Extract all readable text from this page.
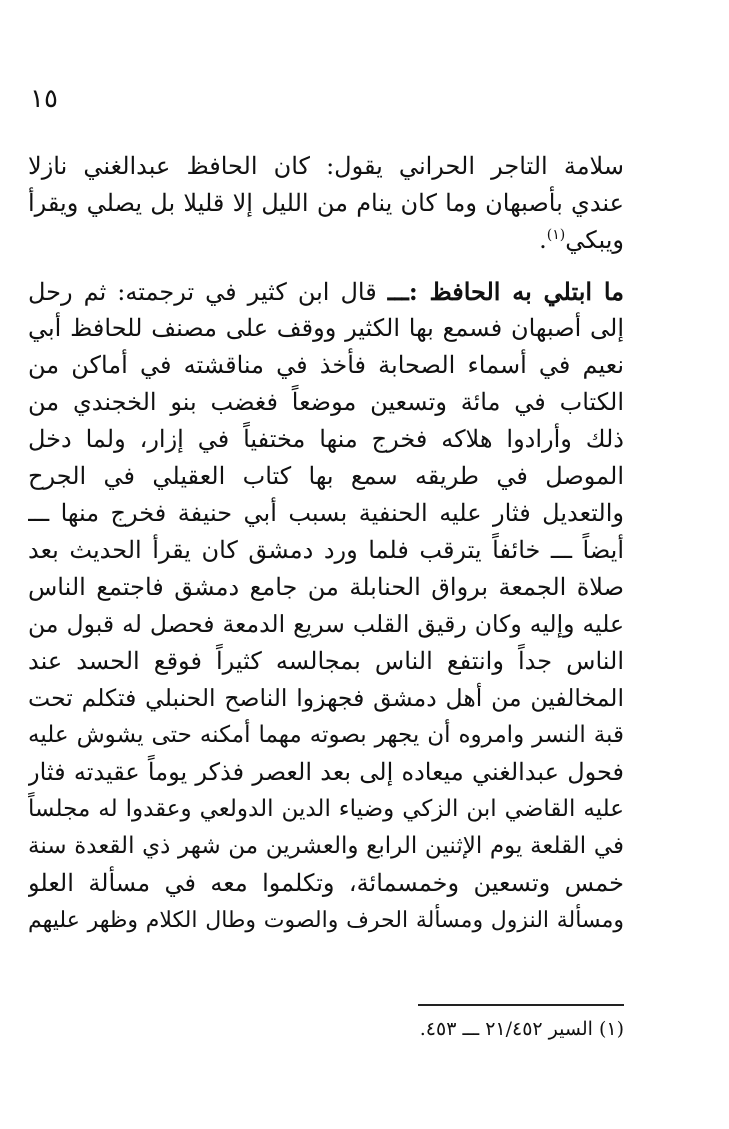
١٥
سلامة التاجر الحراني يقول: كان الحافظ عبدالغني نازلا
عندي بأصبهان وما كان ينام من الليل إلا قليلا بل يصلي ويقرأ
ويبكي$^{(١)}$.
ما ابتلي به الحافظ :ـــ قال ابن كثير في ترجمته: ثم رحل
إلى أصبهان فسمع بها الكثير ووقف على مصنف للحافظ أبي
نعيم في أسماء الصحابة فأخذ في مناقشته في أماكن من
الكتاب في مائة وتسعين موضعاً فغضب بنو الخجندي من
ذلك وأرادوا هلاكه فخرج منها مختفياً في إزار، ولما دخل
الموصل في طريقه سمع بها كتاب العقيلي في الجرح
والتعديل فثار عليه الحنفية بسبب أبي حنيفة فخرج منها ـــ
أيضاً ـــ خائفاً يترقب فلما ورد دمشق كان يقرأ الحديث بعد
صلاة الجمعة برواق الحنابلة من جامع دمشق فاجتمع الناس
عليه وإليه وكان رقيق القلب سريع الدمعة فحصل له قبول من
الناس جداً وانتفع الناس بمجالسه كثيراً فوقع الحسد عند
المخالفين من أهل دمشق فجهزوا الناصح الحنبلي فتكلم تحت
قبة النسر وامروه أن يجهر بصوته مهما أمكنه حتى يشوش عليه
فحول عبدالغني ميعاده إلى بعد العصر فذكر يوماً عقيدته فثار
عليه القاضي ابن الزكي وضياء الدين الدولعي وعقدوا له مجلساً
في القلعة يوم الإثنين الرابع والعشرين من شهر ذي القعدة سنة
خمس وتسعين وخمسمائة، وتكلموا معه في مسألة العلو
ومسألة النزول ومسألة الحرف والصوت وطال الكلام وظهر عليهم
(١) السير ٢١/٤٥٢ ـــ ٤٥٣.
